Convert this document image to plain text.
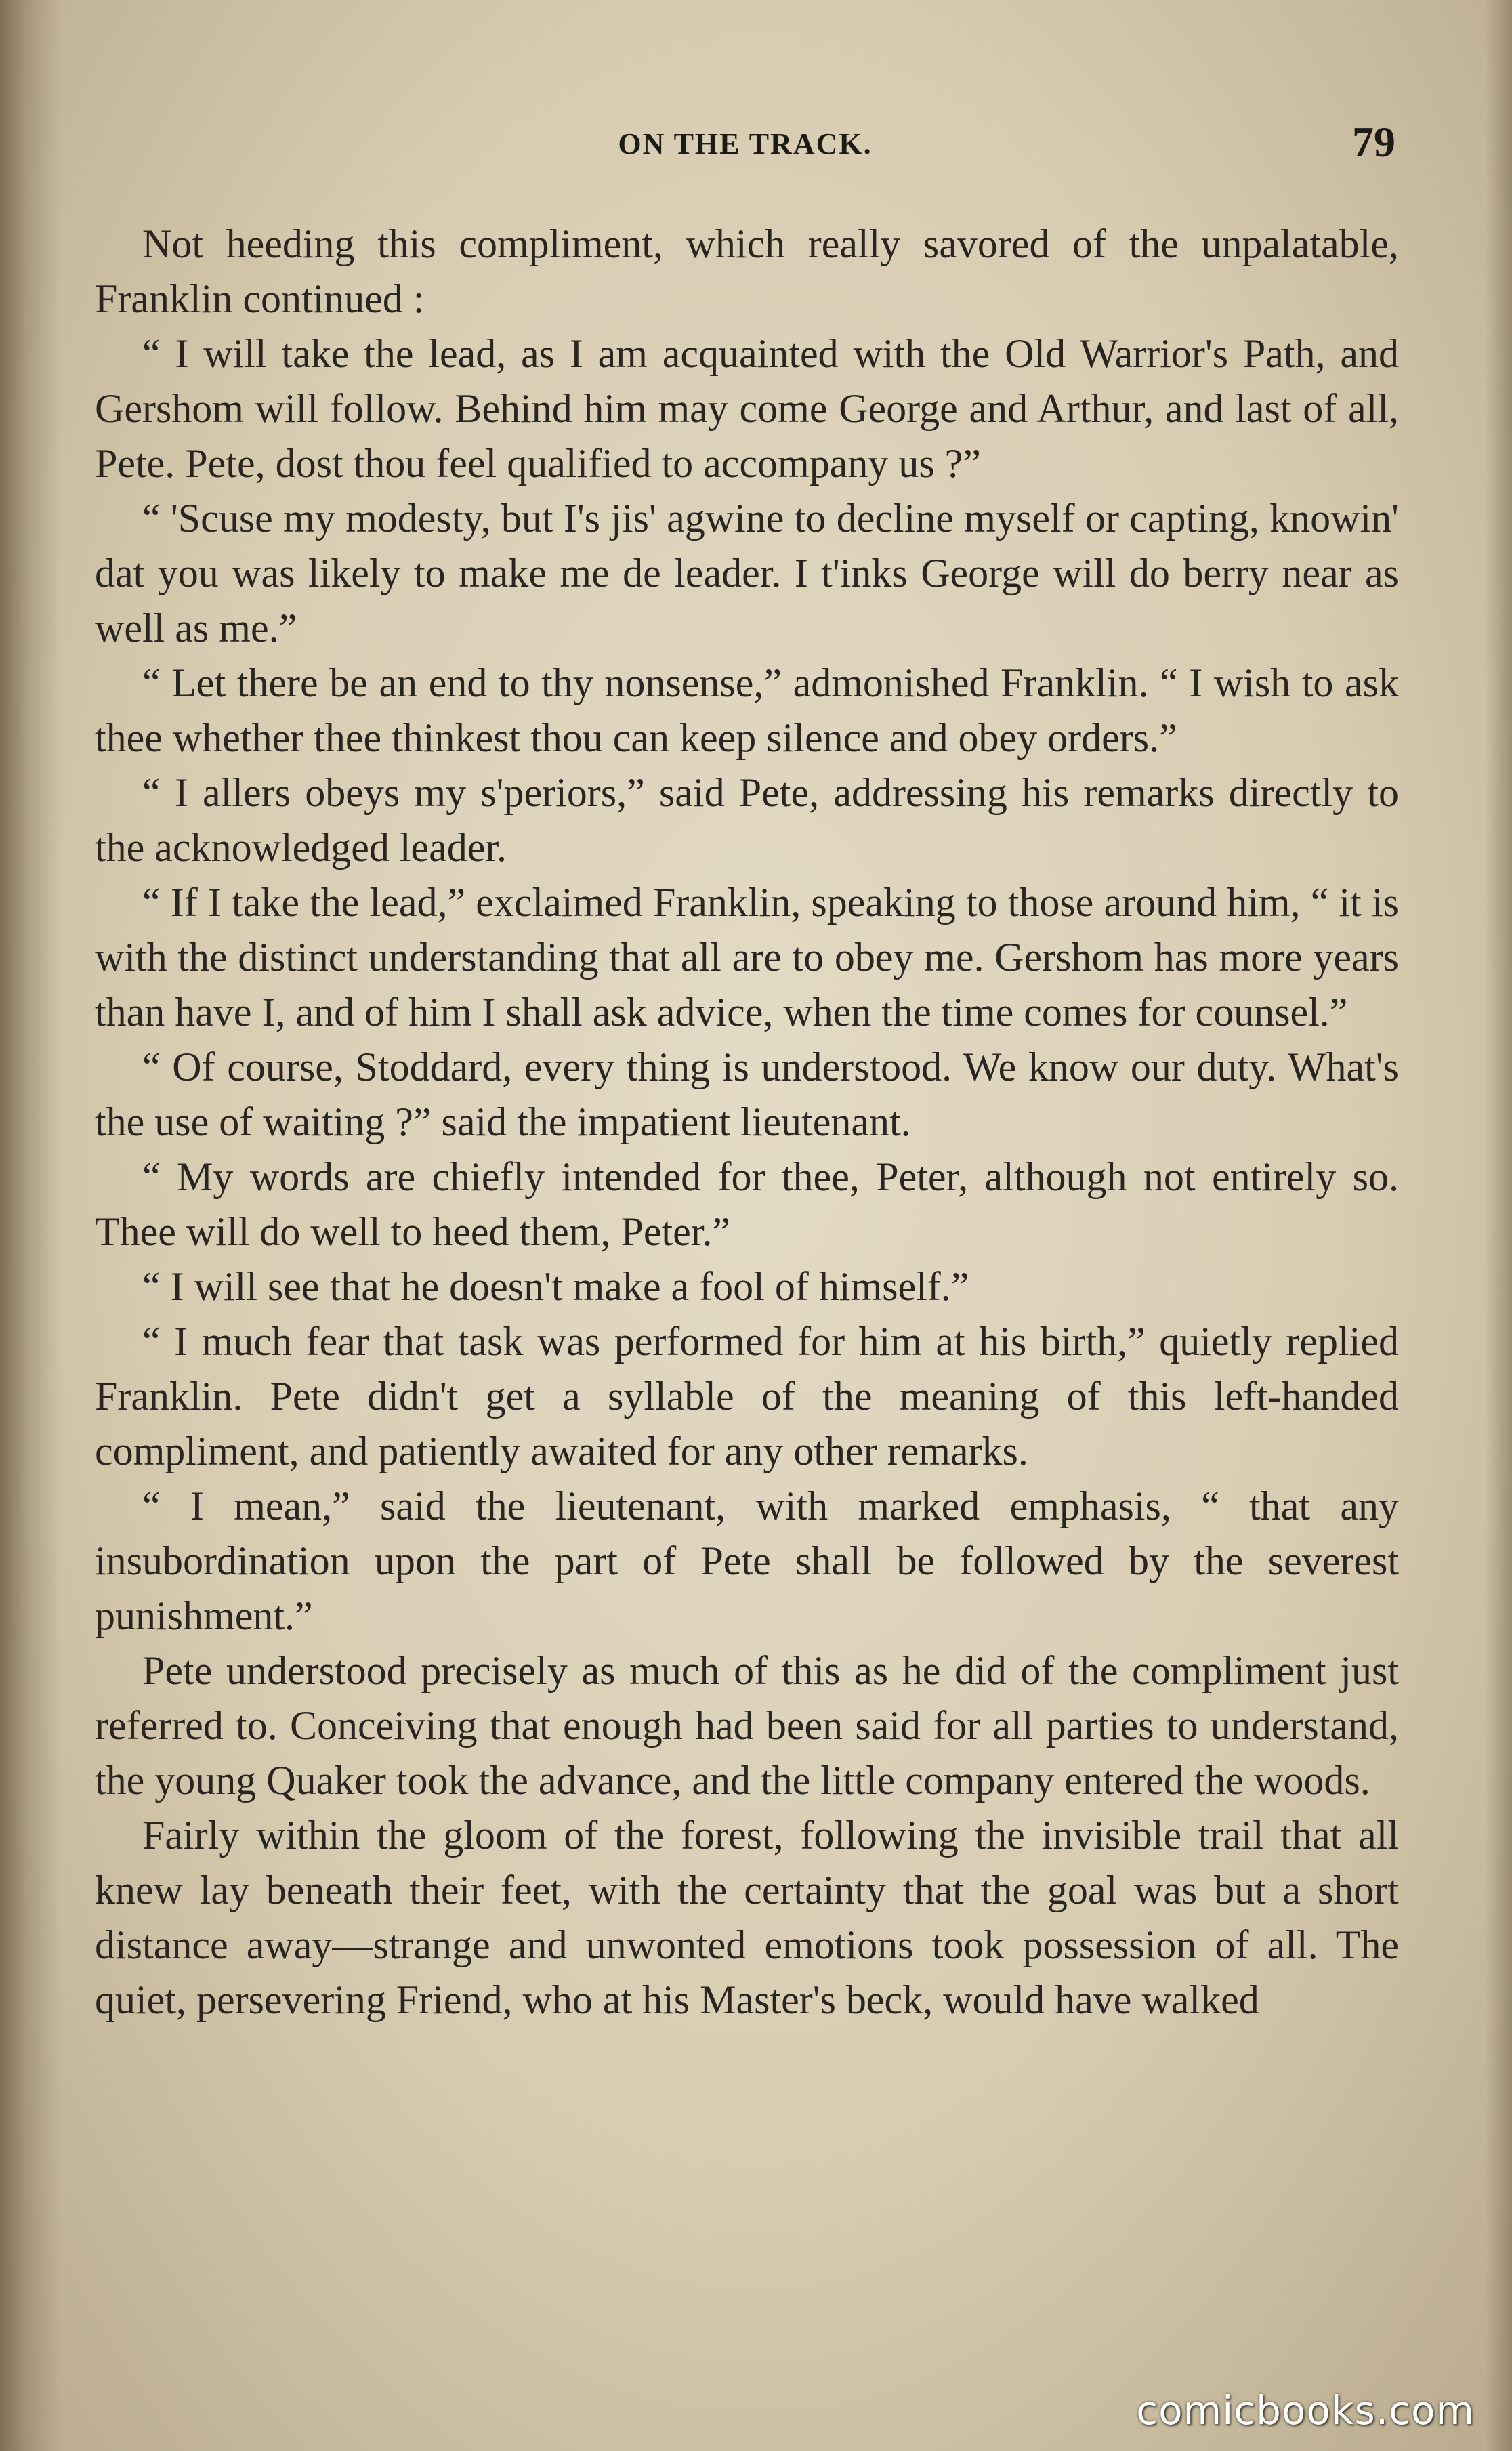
ON THE TRACK.	79

Not heeding this compliment, which really savored of the unpalatable, Franklin continued :

“ I will take the lead, as I am acquainted with the Old Warrior's Path, and Gershom will follow. Behind him may come George and Arthur, and last of all, Pete. Pete, dost thou feel qualified to accompany us ?”

“ 'Scuse my modesty, but I's jis' agwine to decline myself or capting, knowin' dat you was likely to make me de leader. I t'inks George will do berry near as well as me.”

“ Let there be an end to thy nonsense,” admonished Franklin. “ I wish to ask thee whether thee thinkest thou can keep silence and obey orders.”

“ I allers obeys my s'periors,” said Pete, addressing his remarks directly to the acknowledged leader.

“ If I take the lead,” exclaimed Franklin, speaking to those around him, “ it is with the distinct understanding that all are to obey me. Gershom has more years than have I, and of him I shall ask advice, when the time comes for counsel.”

“ Of course, Stoddard, every thing is understood. We know our duty. What's the use of waiting ?” said the impatient lieutenant.

“ My words are chiefly intended for thee, Peter, although not entirely so. Thee will do well to heed them, Peter.”

“ I will see that he doesn't make a fool of himself.”

“ I much fear that task was performed for him at his birth,” quietly replied Franklin. Pete didn't get a syllable of the meaning of this left-handed compliment, and patiently awaited for any other remarks.

“ I mean,” said the lieutenant, with marked emphasis, “ that any insubordination upon the part of Pete shall be followed by the severest punishment.”

Pete understood precisely as much of this as he did of the compliment just referred to. Conceiving that enough had been said for all parties to understand, the young Quaker took the advance, and the little company entered the woods.

Fairly within the gloom of the forest, following the invisible trail that all knew lay beneath their feet, with the certainty that the goal was but a short distance away—strange and unwonted emotions took possession of all. The quiet, persevering Friend, who at his Master's beck, would have walked

comicbooks.com
